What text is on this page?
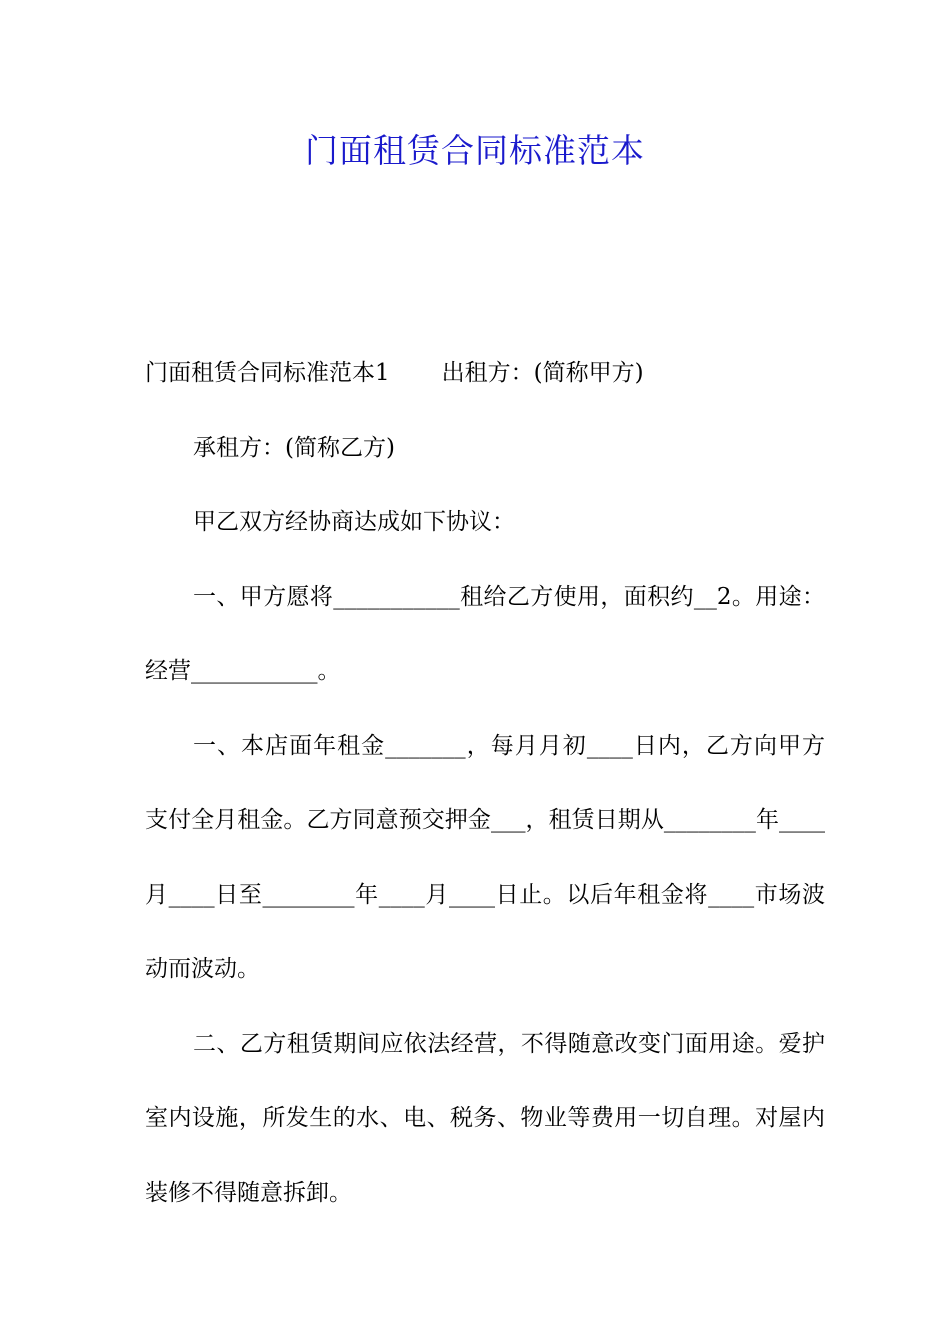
门面租赁合同标准范本

门面租赁合同标准范本1 出租方：(简称甲方)

承租方：(简称乙方)

甲乙双方经协商达成如下协议：

一、甲方愿将___________租给乙方使用，面积约__2。用途：经营___________。

一、本店面年租金_______，每月月初____日内，乙方向甲方支付全月租金。乙方同意预交押金___，租赁日期从________年____月____日至________年____月____日止。以后年租金将____市场波动而波动。

二、乙方租赁期间应依法经营，不得随意改变门面用途。爱护室内设施，所发生的水、电、税务、物业等费用一切自理。对屋内装修不得随意拆卸。
